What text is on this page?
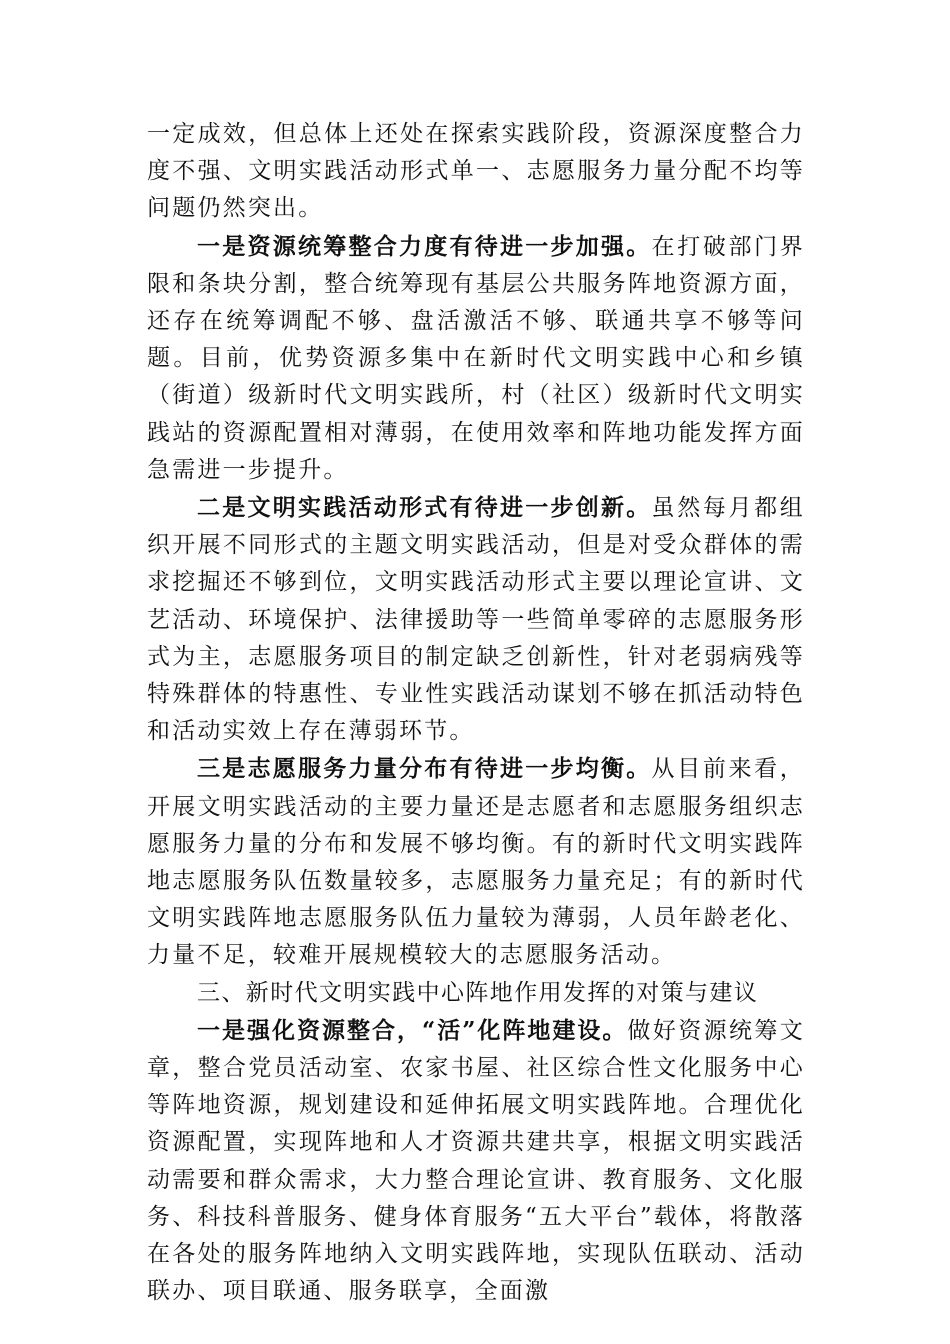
一定成效，但总体上还处在探索实践阶段，资源深度整合力度不强、文明实践活动形式单一、志愿服务力量分配不均等问题仍然突出。

一是资源统筹整合力度有待进一步加强。在打破部门界限和条块分割，整合统筹现有基层公共服务阵地资源方面，还存在统筹调配不够、盘活激活不够、联通共享不够等问题。目前，优势资源多集中在新时代文明实践中心和乡镇（街道）级新时代文明实践所，村（社区）级新时代文明实践站的资源配置相对薄弱，在使用效率和阵地功能发挥方面急需进一步提升。

二是文明实践活动形式有待进一步创新。虽然每月都组织开展不同形式的主题文明实践活动，但是对受众群体的需求挖掘还不够到位，文明实践活动形式主要以理论宣讲、文艺活动、环境保护、法律援助等一些简单零碎的志愿服务形式为主，志愿服务项目的制定缺乏创新性，针对老弱病残等特殊群体的特惠性、专业性实践活动谋划不够在抓活动特色和活动实效上存在薄弱环节。

三是志愿服务力量分布有待进一步均衡。从目前来看，开展文明实践活动的主要力量还是志愿者和志愿服务组织志愿服务力量的分布和发展不够均衡。有的新时代文明实践阵地志愿服务队伍数量较多，志愿服务力量充足；有的新时代文明实践阵地志愿服务队伍力量较为薄弱，人员年龄老化、力量不足，较难开展规模较大的志愿服务活动。

三、新时代文明实践中心阵地作用发挥的对策与建议

一是强化资源整合，“活”化阵地建设。做好资源统筹文章，整合党员活动室、农家书屋、社区综合性文化服务中心等阵地资源，规划建设和延伸拓展文明实践阵地。合理优化资源配置，实现阵地和人才资源共建共享，根据文明实践活动需要和群众需求，大力整合理论宣讲、教育服务、文化服务、科技科普服务、健身体育服务“五大平台”载体，将散落在各处的服务阵地纳入文明实践阵地，实现队伍联动、活动联办、项目联通、服务联享，全面激
